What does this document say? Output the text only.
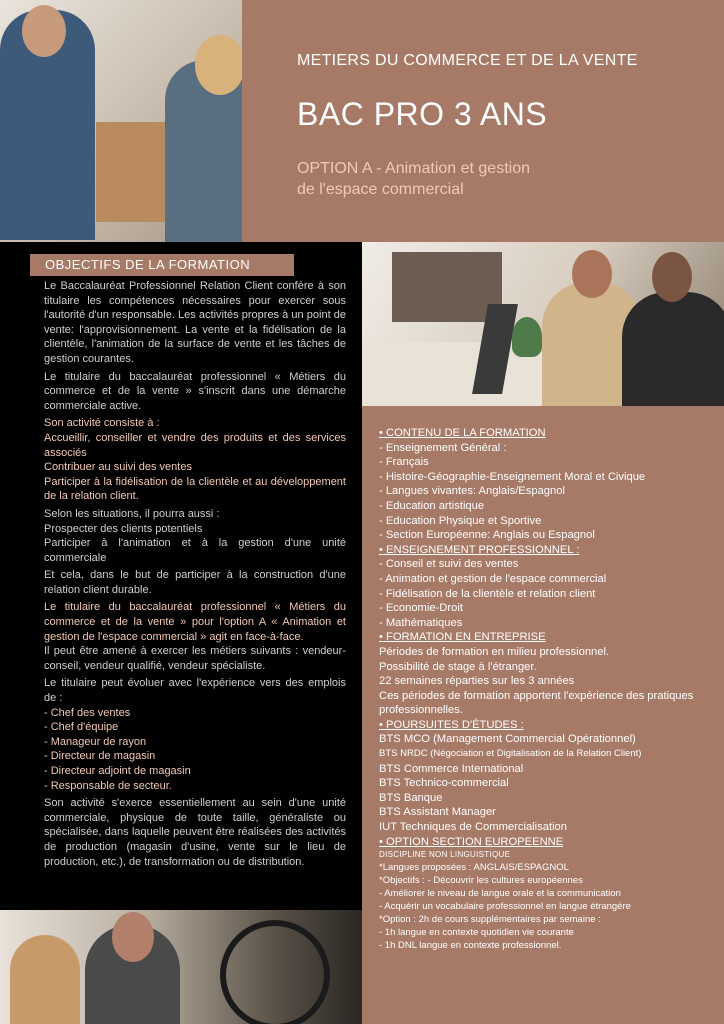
METIERS DU COMMERCE ET DE LA VENTE
BAC PRO 3 ANS
OPTION A - Animation et gestion
de l'espace commercial
OBJECTIFS DE LA FORMATION

Le Baccalauréat Professionnel Relation Client confère à son titulaire les compétences nécessaires pour exercer sous l'autorité d'un responsable. Les activités propres à un point de vente: l'approvisionnement. La vente et la fidélisation de la clientèle, l'animation de la surface de vente et les tâches de gestion courantes.

Le titulaire du baccalauréat professionnel « Métiers du commerce et de la vente » s'inscrit dans une démarche commerciale active.

Son activité consiste à :
Accueillir, conseiller et vendre des produits et des services associés
Contribuer au suivi des ventes
Participer à la fidélisation de la clientèle et au développement de la relation client.

Selon les situations, il pourra aussi :
Prospecter des clients potentiels
Participer à l'animation et à la gestion d'une unité commerciale

Et cela, dans le but de participer à la construction d'une relation client durable.

Le titulaire du baccalauréat professionnel « Métiers du commerce et de la vente » pour l'option A « Animation et gestion de l'espace commercial » agit en face-à-face.

Il peut être amené à exercer les métiers suivants : vendeur-conseil, vendeur qualifié, vendeur spécialiste.

Le titulaire peut évoluer avec l'expérience vers des emplois de :
- Chef des ventes
- Chef d'équipe
- Manageur de rayon
- Directeur de magasin
- Directeur adjoint de magasin
- Responsable de secteur.

Son activité s'exerce essentiellement au sein d'une unité commerciale, physique de toute taille, généraliste ou spécialisée, dans laquelle peuvent être réalisées des activités de production (magasin d'usine, vente sur le lieu de production, etc.), de transformation ou de distribution.

• CONTENU DE LA FORMATION
- Enseignement Général :
- Français
- Histoire-Géographie-Enseignement Moral et Civique
- Langues vivantes: Anglais/Espagnol
- Education artistique
- Education Physique et Sportive
- Section Européenne: Anglais ou Espagnol
• ENSEIGNEMENT PROFESSIONNEL :
- Conseil et suivi des ventes
- Animation et gestion de l'espace commercial
- Fidélisation de la clientèle et relation client
- Economie-Droit
- Mathématiques
• FORMATION EN ENTREPRISE
Périodes de formation en milieu professionnel.
Possibilité de stage à l'étranger.
22 semaines réparties sur les 3 années
Ces périodes de formation apportent l'expérience des pratiques professionnelles.
• POURSUITES D'ÉTUDES :
BTS MCO (Management Commercial Opérationnel)
BTS NRDC (Négociation et Digitalisation de la Relation Client)
BTS Commerce International
BTS Technico-commercial
BTS Banque
BTS Assistant Manager
IUT Techniques de Commercialisation
• OPTION SECTION EUROPEENNE
DISCIPLINE NON LINGUISTIQUE
*Langues proposées : ANGLAIS/ESPAGNOL
*Objectifs : - Découvrir les cultures européennes
- Améliorer le niveau de langue orale et la communication
- Acquérir un vocabulaire professionnel en langue étrangère
*Option : 2h de cours supplémentaires par semaine :
- 1h langue en contexte quotidien vie courante
- 1h DNL langue en contexte professionnel.
